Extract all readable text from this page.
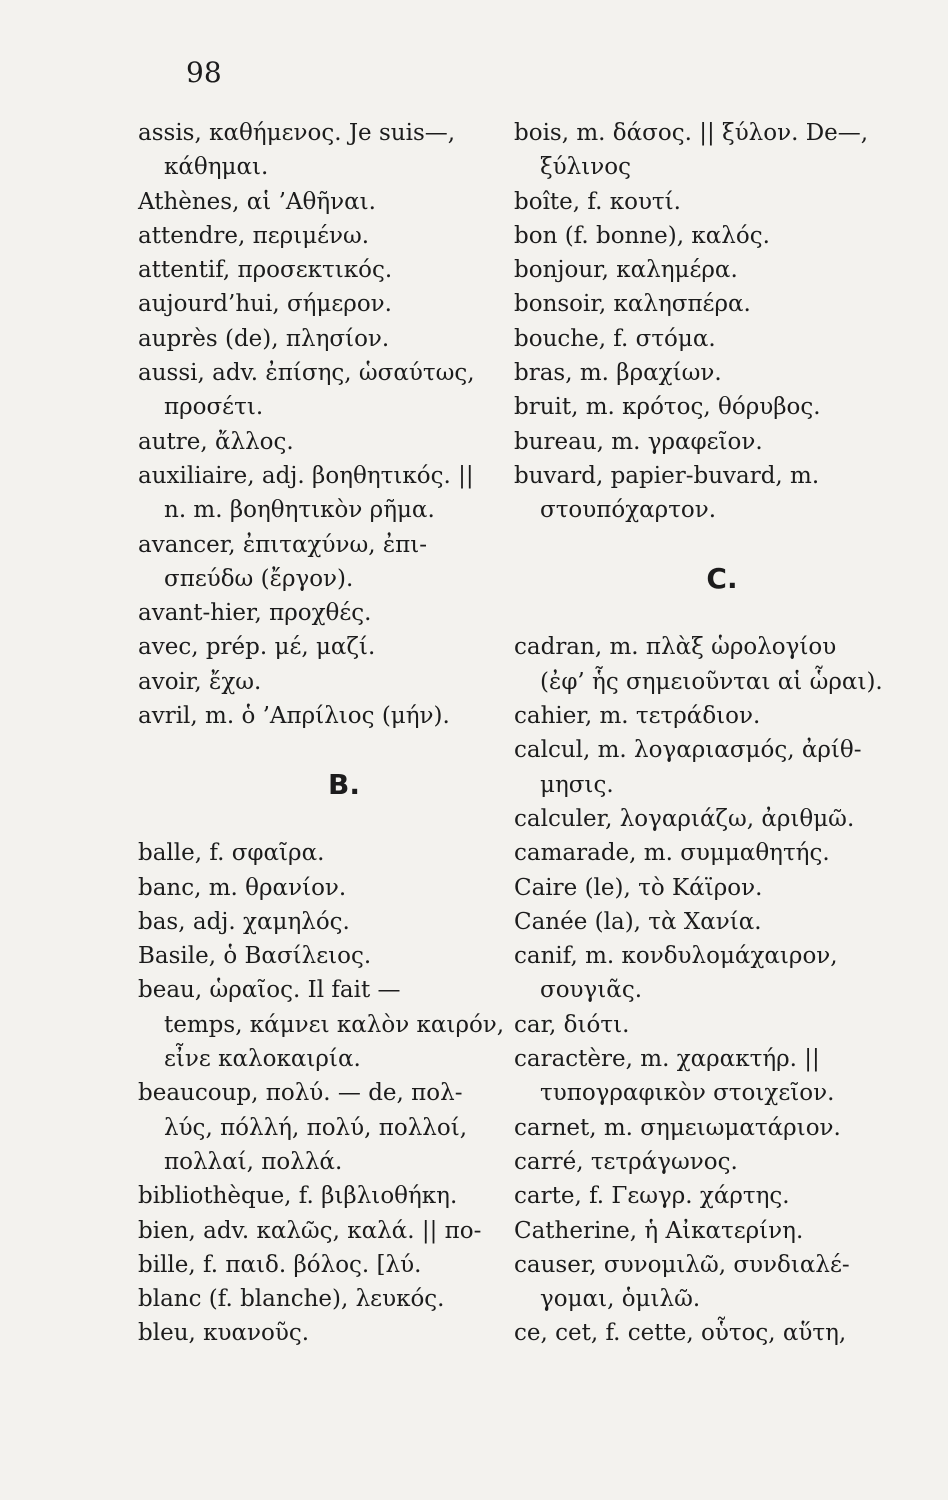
98
assis, καθήμενος. Je suis—,
κάθημαι.
Athènes, αἱ ’Αθῆναι.
attendre, περιμένω.
attentif, προσεκτικός.
aujourd’hui, σήμερον.
auprès (de), πλησίον.
aussi, adv. ἐπίσης, ὡσαύτως,
προσέτι.
autre, ἄλλος.
auxiliaire, adj. βοηθητικός. ||
n. m. βοηθητικὸν ρῆμα.
avancer, ἐπιταχύνω, ἐπι-
σπεύδω (ἔργον).
avant-hier, προχθές.
avec, prép. μέ, μαζί.
avoir, ἔχω.
avril, m. ὁ ’Απρίλιος (μήν).
B.
balle, f. σφαῖρα.
banc, m. θρανίον.
bas, adj. χαμηλός.
Basile, ὁ Βασίλειος.
beau, ὡραῖος. Il fait —
temps, κάμνει καλὸν καιρόν,
εἶνε καλοκαιρία.
beaucoup, πολύ. — de, πολ-
λύς, πόλλή, πολύ, πολλοί,
πολλαί, πολλά.
bibliothèque, f. βιβλιοθήκη.
bien, adv. καλῶς, καλά. || πο-
bille, f. παιδ. βόλος. [λύ.
blanc (f. blanche), λευκός.
bleu, κυανοῦς.
bois, m. δάσος. || ξύλον. De—,
ξύλινος
boîte, f. κουτί.
bon (f. bonne), καλός.
bonjour, καλημέρα.
bonsoir, καλησπέρα.
bouche, f. στόμα.
bras, m. βραχίων.
bruit, m. κρότος, θόρυβος.
bureau, m. γραφεῖον.
buvard, papier-buvard, m.
στουπόχαρτον.
C.
cadran, m. πλὰξ ὡρολογίου
(ἐφ’ ἧς σημειοῦνται αἱ ὧραι).
cahier, m. τετράδιον.
calcul, m. λογαριασμός, ἀρίθ-
μησις.
calculer, λογαριάζω, ἀριθμῶ.
camarade, m. συμμαθητής.
Caire (le), τὸ Κάϊρον.
Canée (la), τὰ Χανία.
canif, m. κονδυλομάχαιρον,
σουγιᾶς.
car, διότι.
caractère, m. χαρακτήρ. ||
τυπογραφικὸν στοιχεῖον.
carnet, m. σημειωματάριον.
carré, τετράγωνος.
carte, f. Γεωγρ. χάρτης.
Catherine, ἡ Αἰκατερίνη.
causer, συνομιλῶ, συνδιαλέ-
γομαι, ὁμιλῶ.
ce, cet, f. cette, οὗτος, αὕτη,
